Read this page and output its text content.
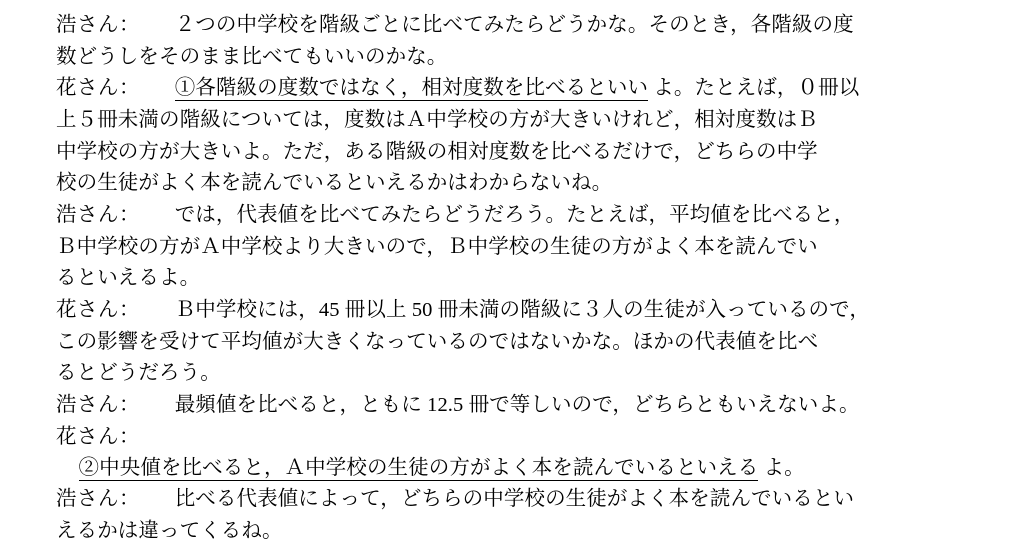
浩さん：	２つの中学校を階級ごとに比べてみたらどうかな。そのとき，各階級の度
数どうしをそのまま比べてもいいのかな。
花さん：	①各階級の度数ではなく，相対度数を比べるといい よ。たとえば，０冊以
上５冊未満の階級については，度数はＡ中学校の方が大きいけれど，相対度数はＢ
中学校の方が大きいよ。ただ，ある階級の相対度数を比べるだけで，どちらの中学
校の生徒がよく本を読んでいるといえるかはわからないね。
浩さん：	では，代表値を比べてみたらどうだろう。たとえば，平均値を比べると，
Ｂ中学校の方がＡ中学校より大きいので，Ｂ中学校の生徒の方がよく本を読んでい
るといえるよ。
花さん：	Ｂ中学校には，45 冊以上 50 冊未満の階級に３人の生徒が入っているので，
この影響を受けて平均値が大きくなっているのではないかな。ほかの代表値を比べ
るとどうだろう。
浩さん：	最頻値を比べると，ともに 12.5 冊で等しいので，どちらともいえないよ。
花さん：
②中央値を比べると，Ａ中学校の生徒の方がよく本を読んでいるといえる よ。
浩さん：	比べる代表値によって，どちらの中学校の生徒がよく本を読んでいるとい
えるかは違ってくるね。
